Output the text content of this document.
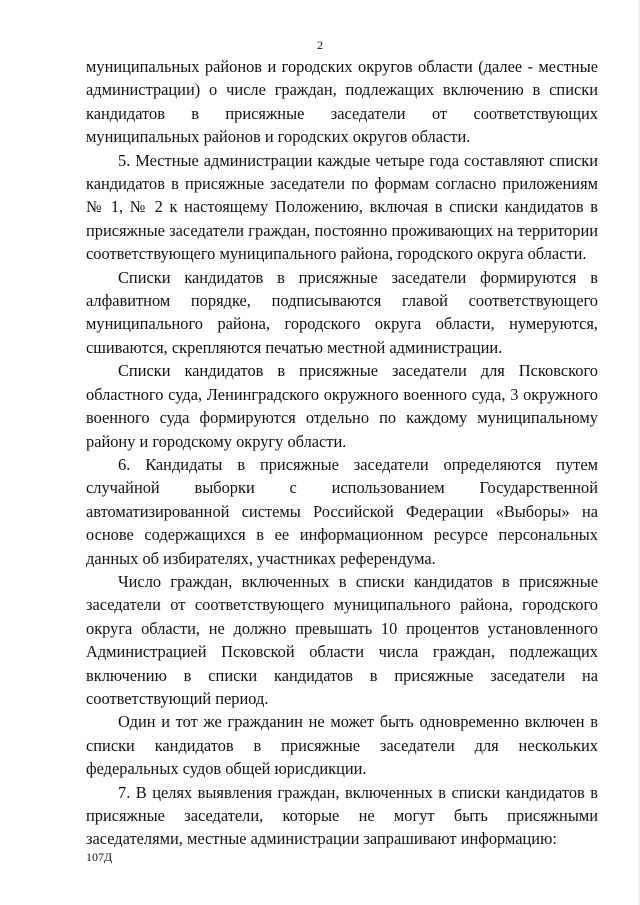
2

муниципальных районов и городских округов области (далее - местные администрации) о числе граждан, подлежащих включению в списки кандидатов в присяжные заседатели от соответствующих муниципальных районов и городских округов области.

5. Местные администрации каждые четыре года составляют списки кандидатов в присяжные заседатели по формам согласно приложениям № 1, № 2 к настоящему Положению, включая в списки кандидатов в присяжные заседатели граждан, постоянно проживающих на территории соответствующего муниципального района, городского округа области.

Списки кандидатов в присяжные заседатели формируются в алфавитном порядке, подписываются главой соответствующего муниципального района, городского округа области, нумеруются, сшиваются, скрепляются печатью местной администрации.

Списки кандидатов в присяжные заседатели для Псковского областного суда, Ленинградского окружного военного суда, 3 окружного военного суда формируются отдельно по каждому муниципальному району и городскому округу области.

6. Кандидаты в присяжные заседатели определяются путем случайной выборки с использованием Государственной автоматизированной системы Российской Федерации «Выборы» на основе содержащихся в ее информационном ресурсе персональных данных об избирателях, участниках референдума.

Число граждан, включенных в списки кандидатов в присяжные заседатели от соответствующего муниципального района, городского округа области, не должно превышать 10 процентов установленного Администрацией Псковской области числа граждан, подлежащих включению в списки кандидатов в присяжные заседатели на соответствующий период.

Один и тот же гражданин не может быть одновременно включен в списки кандидатов в присяжные заседатели для нескольких федеральных судов общей юрисдикции.

7. В целях выявления граждан, включенных в списки кандидатов в присяжные заседатели, которые не могут быть присяжными заседателями, местные администрации запрашивают информацию:

107Д
